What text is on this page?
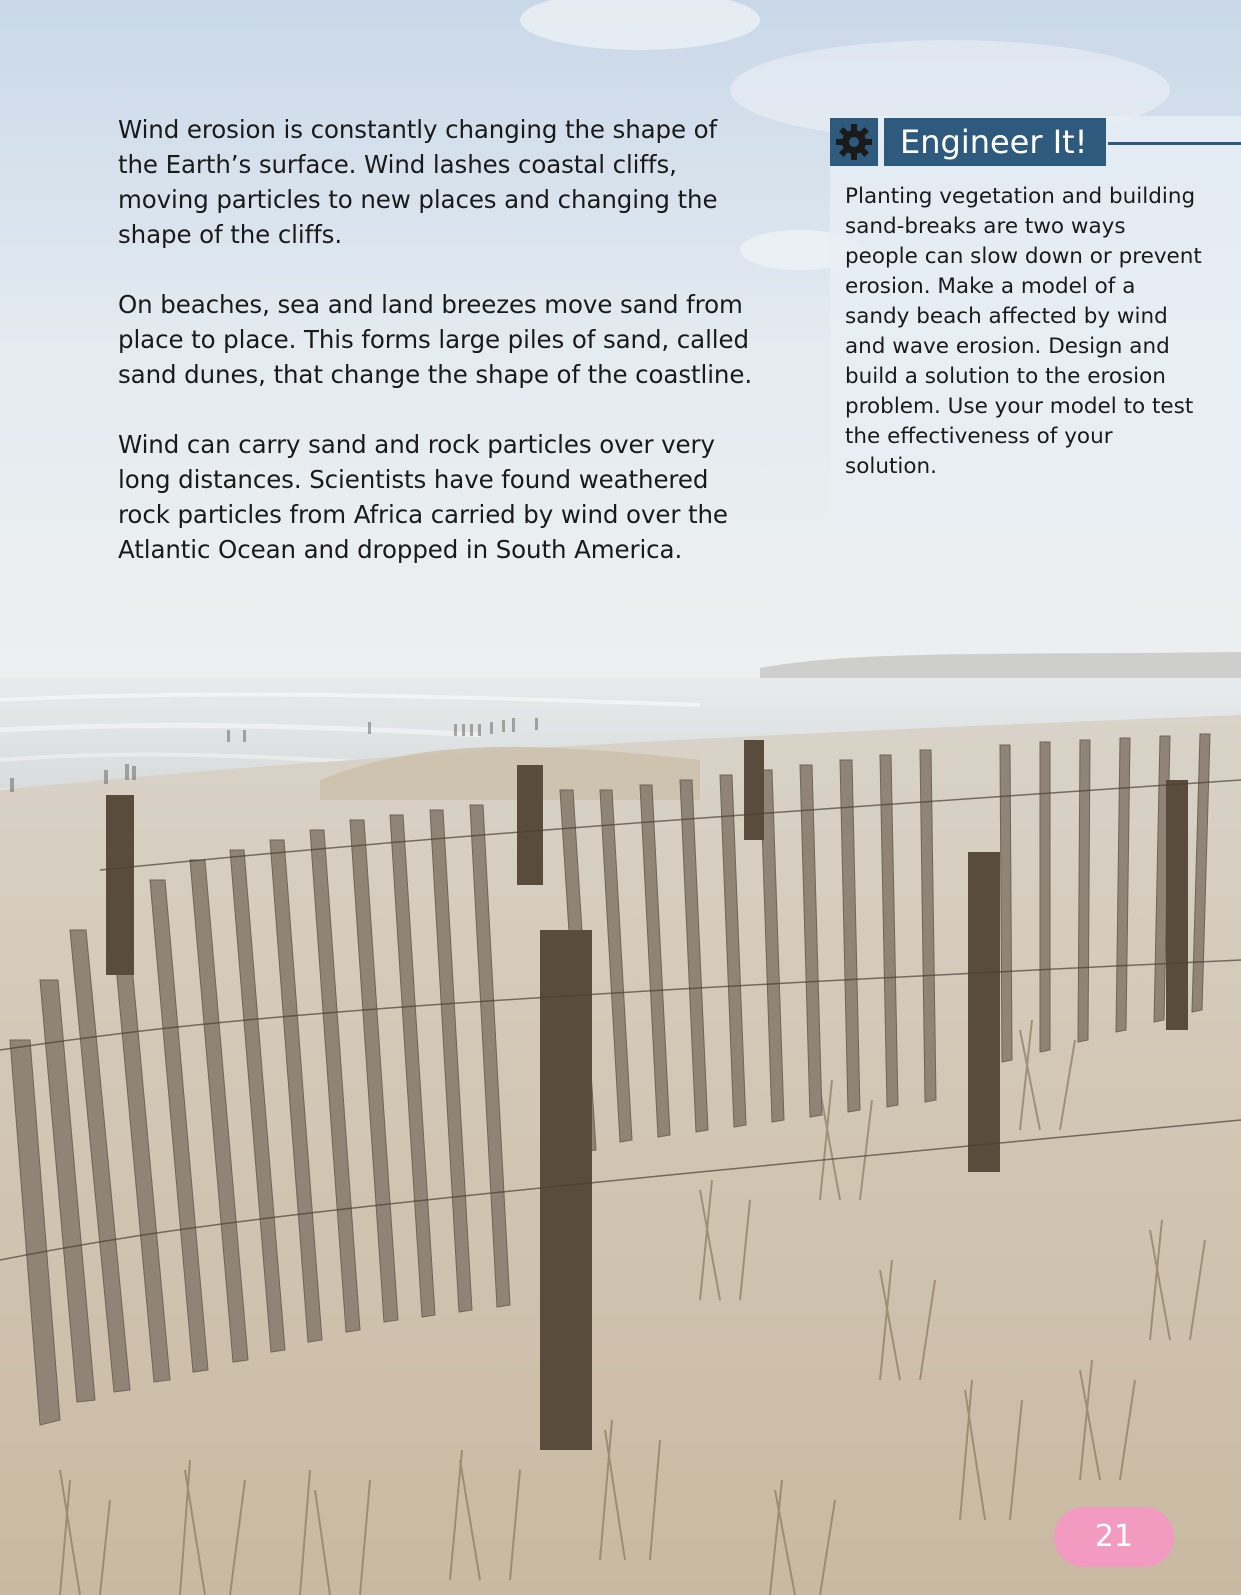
Wind erosion is constantly changing the shape of the Earth’s surface. Wind lashes coastal cliffs, moving particles to new places and changing the shape of the cliffs.

On beaches, sea and land breezes move sand from place to place. This forms large piles of sand, called sand dunes, that change the shape of the coastline.

Wind can carry sand and rock particles over very long distances. Scientists have found weathered rock particles from Africa carried by wind over the Atlantic Ocean and dropped in South America.

Engineer It!
Planting vegetation and building sand-breaks are two ways people can slow down or prevent erosion. Make a model of a sandy beach affected by wind and wave erosion. Design and build a solution to the erosion problem. Use your model to test the effectiveness of your solution.
21
